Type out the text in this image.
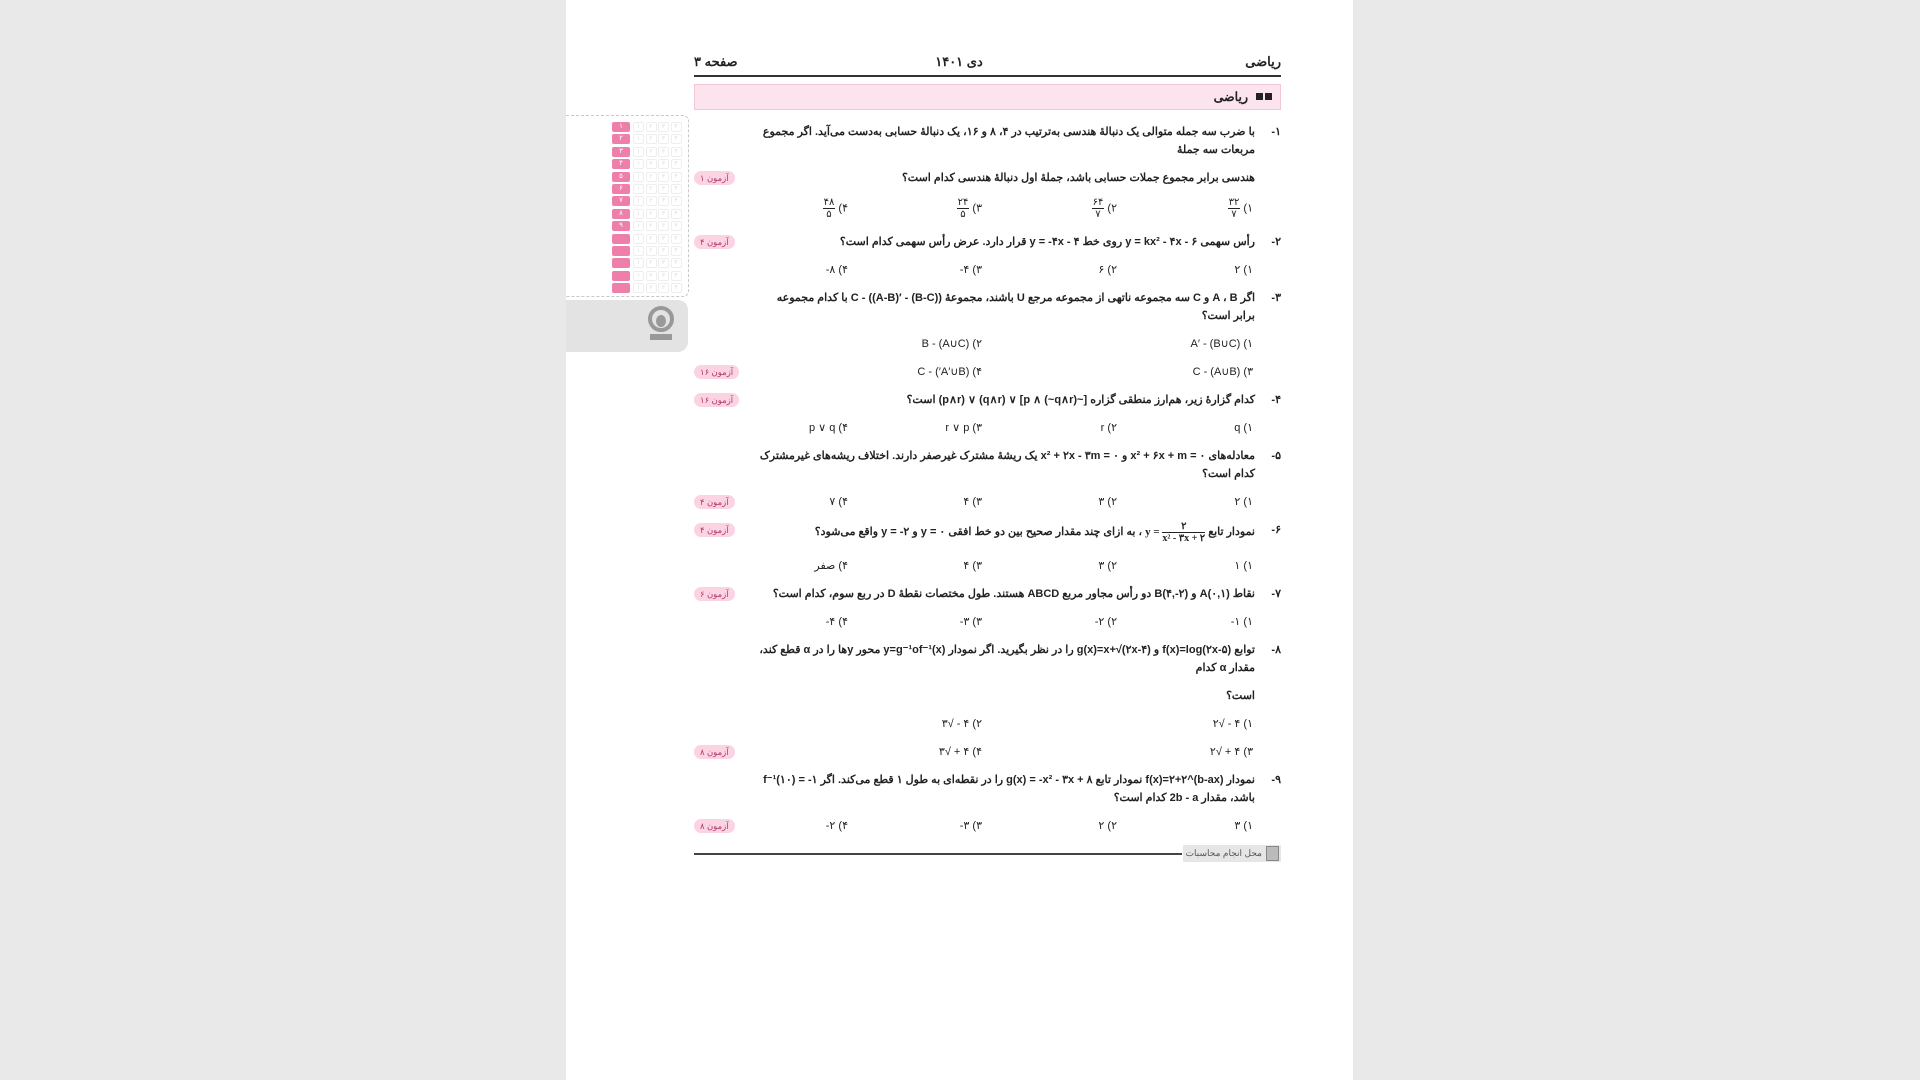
۱	۱	۲	۳	۴
۲	۱	۲	۳	۴
۳	۱	۲	۳	۴
۴	۱	۲	۳	۴
۵	۱	۲	۳	۴
۶	۱	۲	۳	۴
۷	۱	۲	۳	۴
۸	۱	۲	۳	۴
۹	۱	۲	۳	۴
۱	۲	۳	۴
۱	۲	۳	۴
۱	۲	۳	۴
۱	۲	۳	۴
۱	۲	۳	۴
ریاضی
دی ۱۴۰۱
صفحه ۳
ریاضی
۱-
با ضرب سه جمله متوالی یک دنبالهٔ هندسی به‌ترتیب در ۴، ۸ و ۱۶، یک دنبالهٔ حسابی به‌دست می‌آید. اگر مجموع مربعات سه جملهٔ
هندسی برابر مجموع جملات حسابی باشد، جملهٔ اول دنبالهٔ هندسی کدام است؟
آزمون ۱
۱)
$\frac{۳۲}{۷}$
۲)
$\frac{۶۴}{۷}$
۳)
$\frac{۲۴}{۵}$
۴)
$\frac{۴۸}{۵}$
۲-
رأس سهمی y = kx² - ۴x - ۶ روی خط y = -۴x - ۴ قرار دارد. عرض رأس سهمی کدام است؟
آزمون ۴
۱) ۲
۲) ۶
۳) ۴-
۴) ۸-
۳-
اگر A ، B و C سه مجموعه ناتهی از مجموعه مرجع U باشند، مجموعهٔ C - ((A-B)′ - (B-C)) با کدام مجموعه برابر است؟
۱) A′ - (B∪C)
۲) B - (A∪C)
۳) C - (A∪B)
۴) (A′∪B′) - C
آزمون ۱۶
۴-
کدام گزارهٔ زیر، هم‌ارز منطقی گزاره [~p ∧ (~q∧r)] ∨ (q∧r) ∨ (p∧r) است؟
آزمون ۱۶
۱) q
۲) r
۳) r ∨ p
۴) p ∨ q
۵-
معادله‌های x² + ۶x + m = ۰ و x² + ۲x - ۳m = ۰ یک ریشهٔ مشترک غیرصفر دارند. اختلاف ریشه‌های غیرمشترک کدام است؟
۱) ۲
۲) ۳
۳) ۴
۴) ۷
آزمون ۴
۶-
نمودار تابع $y = \frac{۲}{\text{x² - ۳x + ۲}}$
، به ازای چند مقدار صحیح بین دو خط افقی y = ۰ و y = -۲ واقع می‌شود؟
آزمون ۴
۱) ۱
۲) ۳
۳) ۴
۴) صفر
۷-
نقاط A(۰,۱) و B(۴,-۲) دو رأس مجاور مربع ABCD هستند. طول مختصات نقطهٔ D در ربع سوم، کدام است؟
آزمون ۶
۱) ۱-
۲) ۲-
۳) ۳-
۴) ۴-
۸-
توابع f(x)=log(۲x-۵) و g(x)=x+√(۲x-۴) را در نظر بگیرید. اگر نمودار y=g⁻¹of⁻¹(x) محور yها را در α قطع کند، مقدار α کدام
است؟
۱) ۴ - √۲
۲) ۴ - √۳
۳) ۴ + √۲
۴) ۴ + √۳
آزمون ۸
۹-
نمودار f(x)=۲+۲^(b-ax) نمودار تابع g(x) = -x² - ۳x + ۸ را در نقطه‌ای به طول ۱ قطع می‌کند. اگر f⁻¹(۱۰) = -۱ باشد، مقدار 2b - a کدام است؟
۱) ۳
۲) ۲
۳) ۳-
۴) ۲-
آزمون ۸
محل انجام محاسبات
